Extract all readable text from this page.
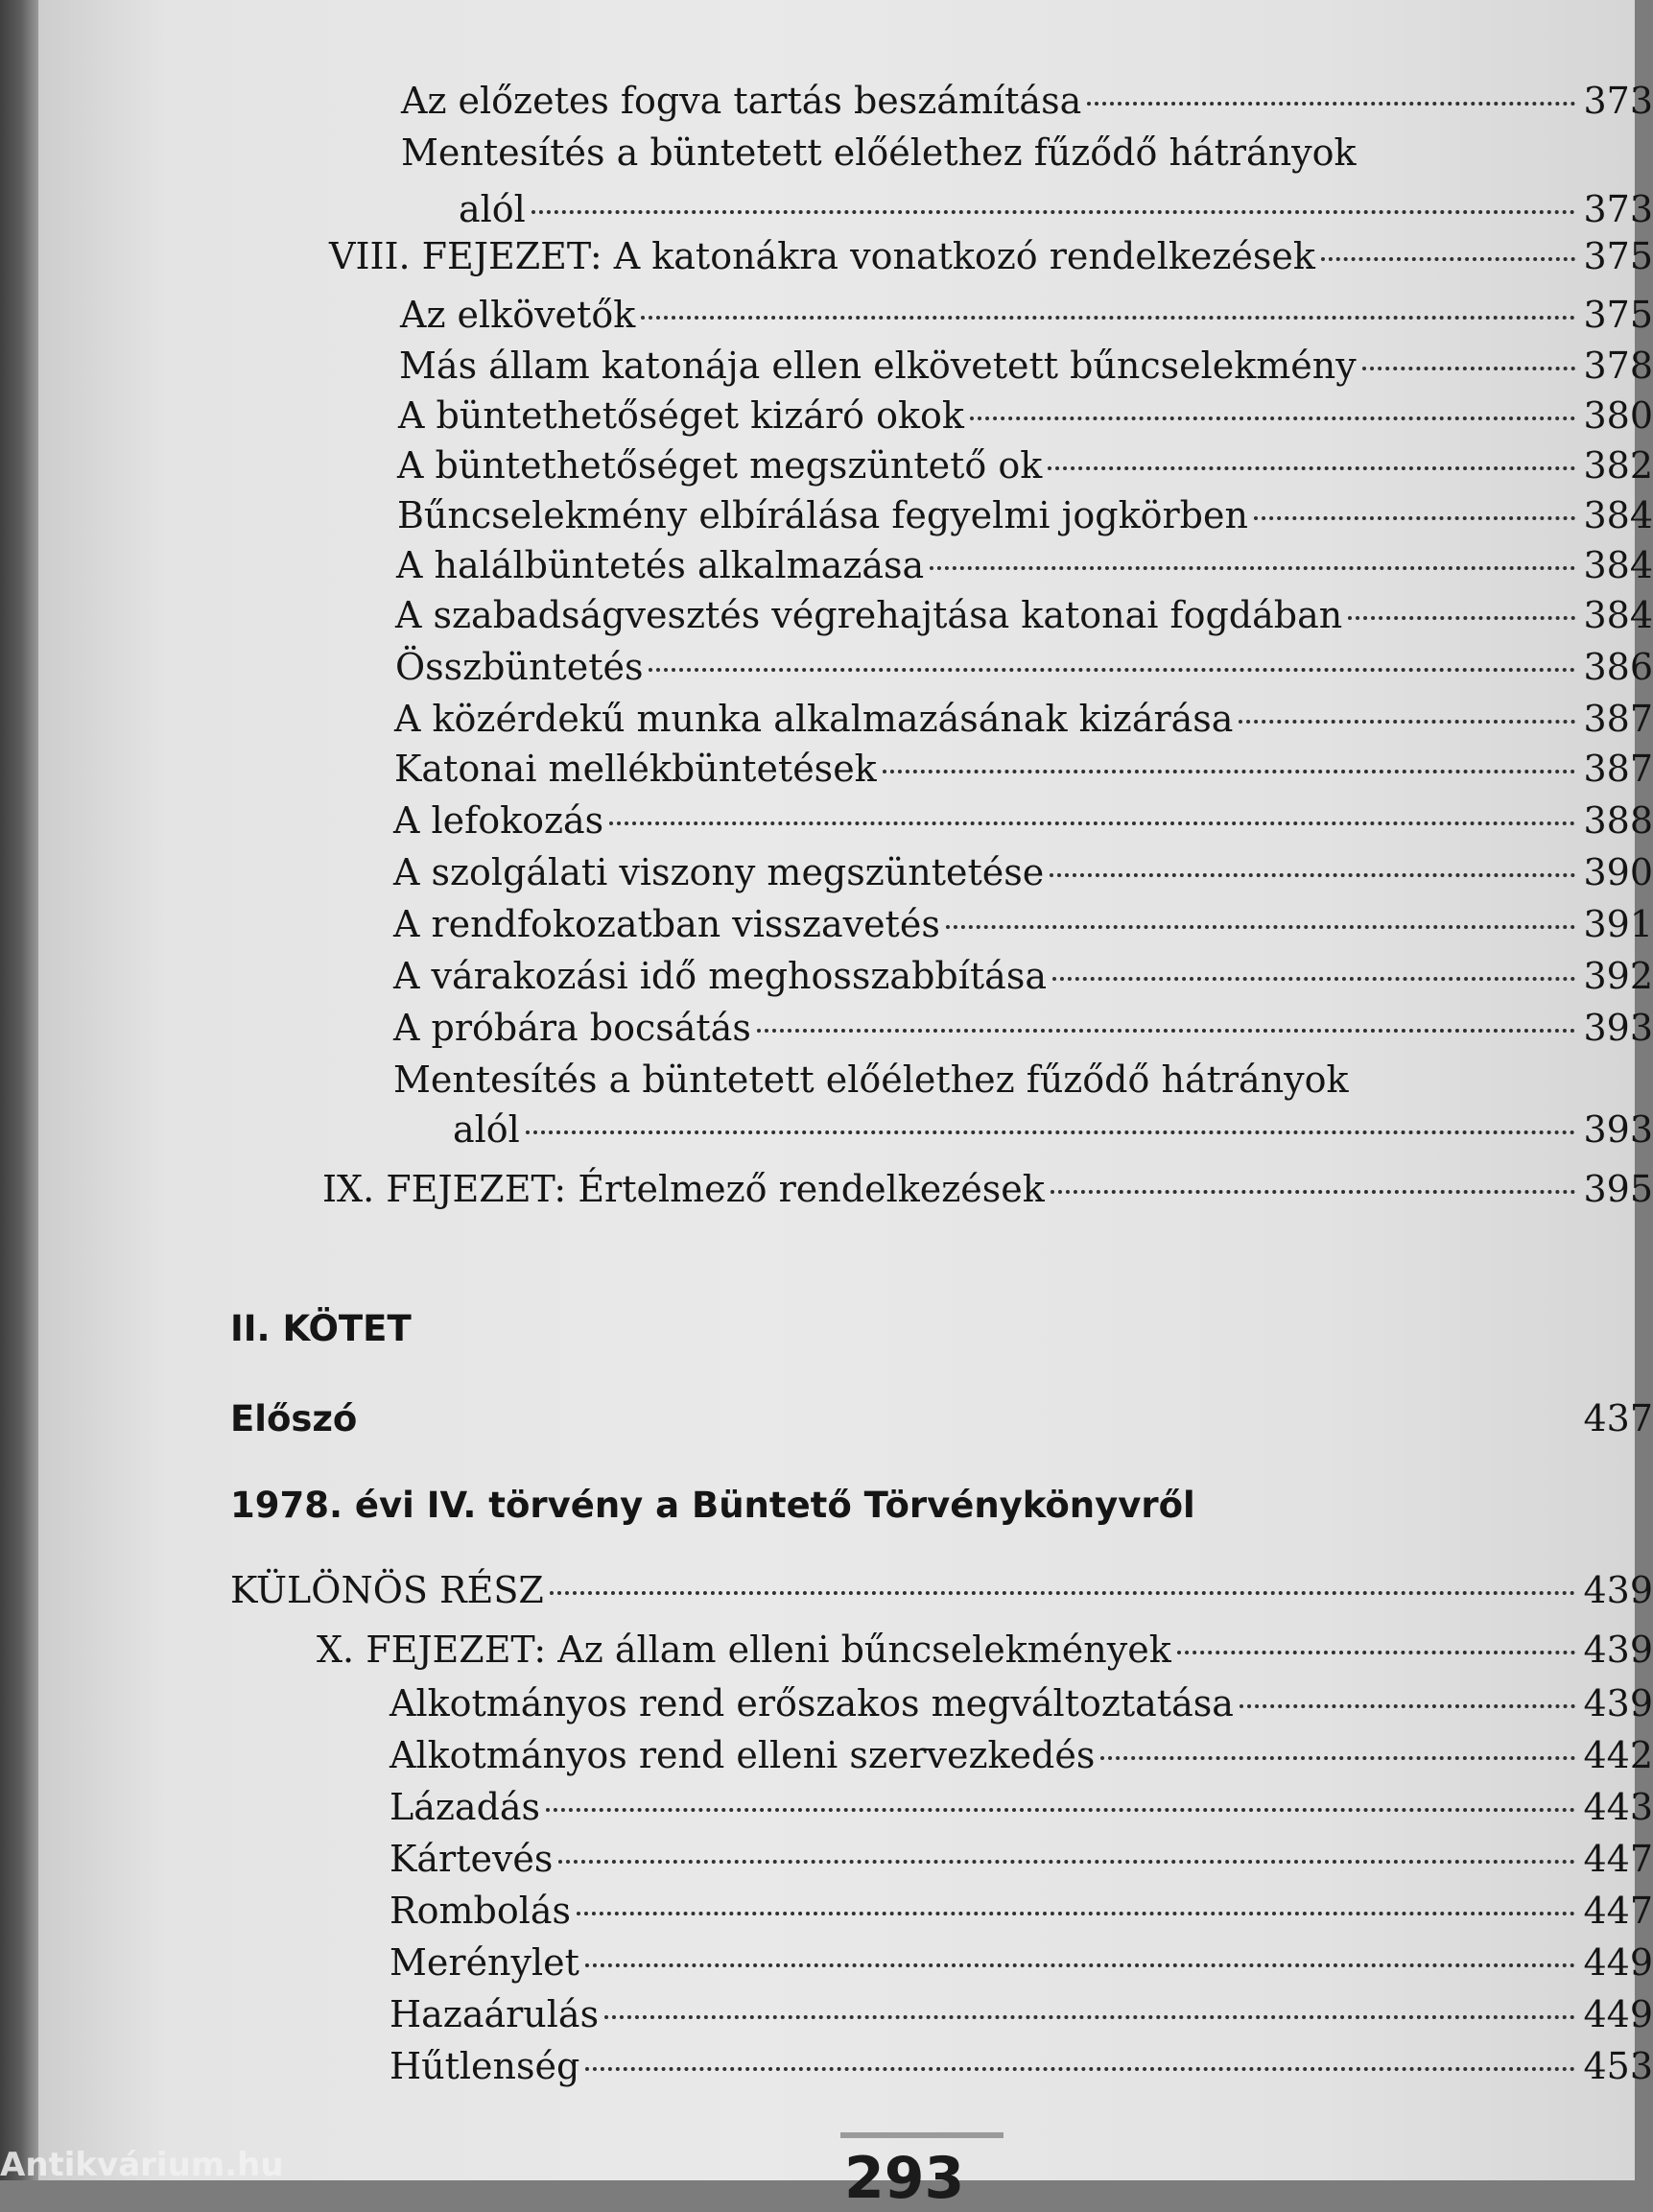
Az előzetes fogva tartás beszámítása	373
Mentesítés a büntetett előélethez fűződő hátrányok
alól	373
VIII. FEJEZET: A katonákra vonatkozó rendelkezések	375
Az elkövetők	375
Más állam katonája ellen elkövetett bűncselekmény	378
A büntethetőséget kizáró okok	380
A büntethetőséget megszüntető ok	382
Bűncselekmény elbírálása fegyelmi jogkörben	384
A halálbüntetés alkalmazása	384
A szabadságvesztés végrehajtása katonai fogdában	384
Összbüntetés	386
A közérdekű munka alkalmazásának kizárása	387
Katonai mellékbüntetések	387
A lefokozás	388
A szolgálati viszony megszüntetése	390
A rendfokozatban visszavetés	391
A várakozási idő meghosszabbítása	392
A próbára bocsátás	393
Mentesítés a büntetett előélethez fűződő hátrányok
alól	393
IX. FEJEZET: Értelmező rendelkezések	395
II. KÖTET
Előszó	437
1978. évi IV. törvény a Büntető Törvénykönyvről
KÜLÖNÖS RÉSZ	439
X. FEJEZET: Az állam elleni bűncselekmények	439
Alkotmányos rend erőszakos megváltoztatása	439
Alkotmányos rend elleni szervezkedés	442
Lázadás	443
Kártevés	447
Rombolás	447
Merénylet	449
Hazaárulás	449
Hűtlenség	453
293
Antikvárium.hu
